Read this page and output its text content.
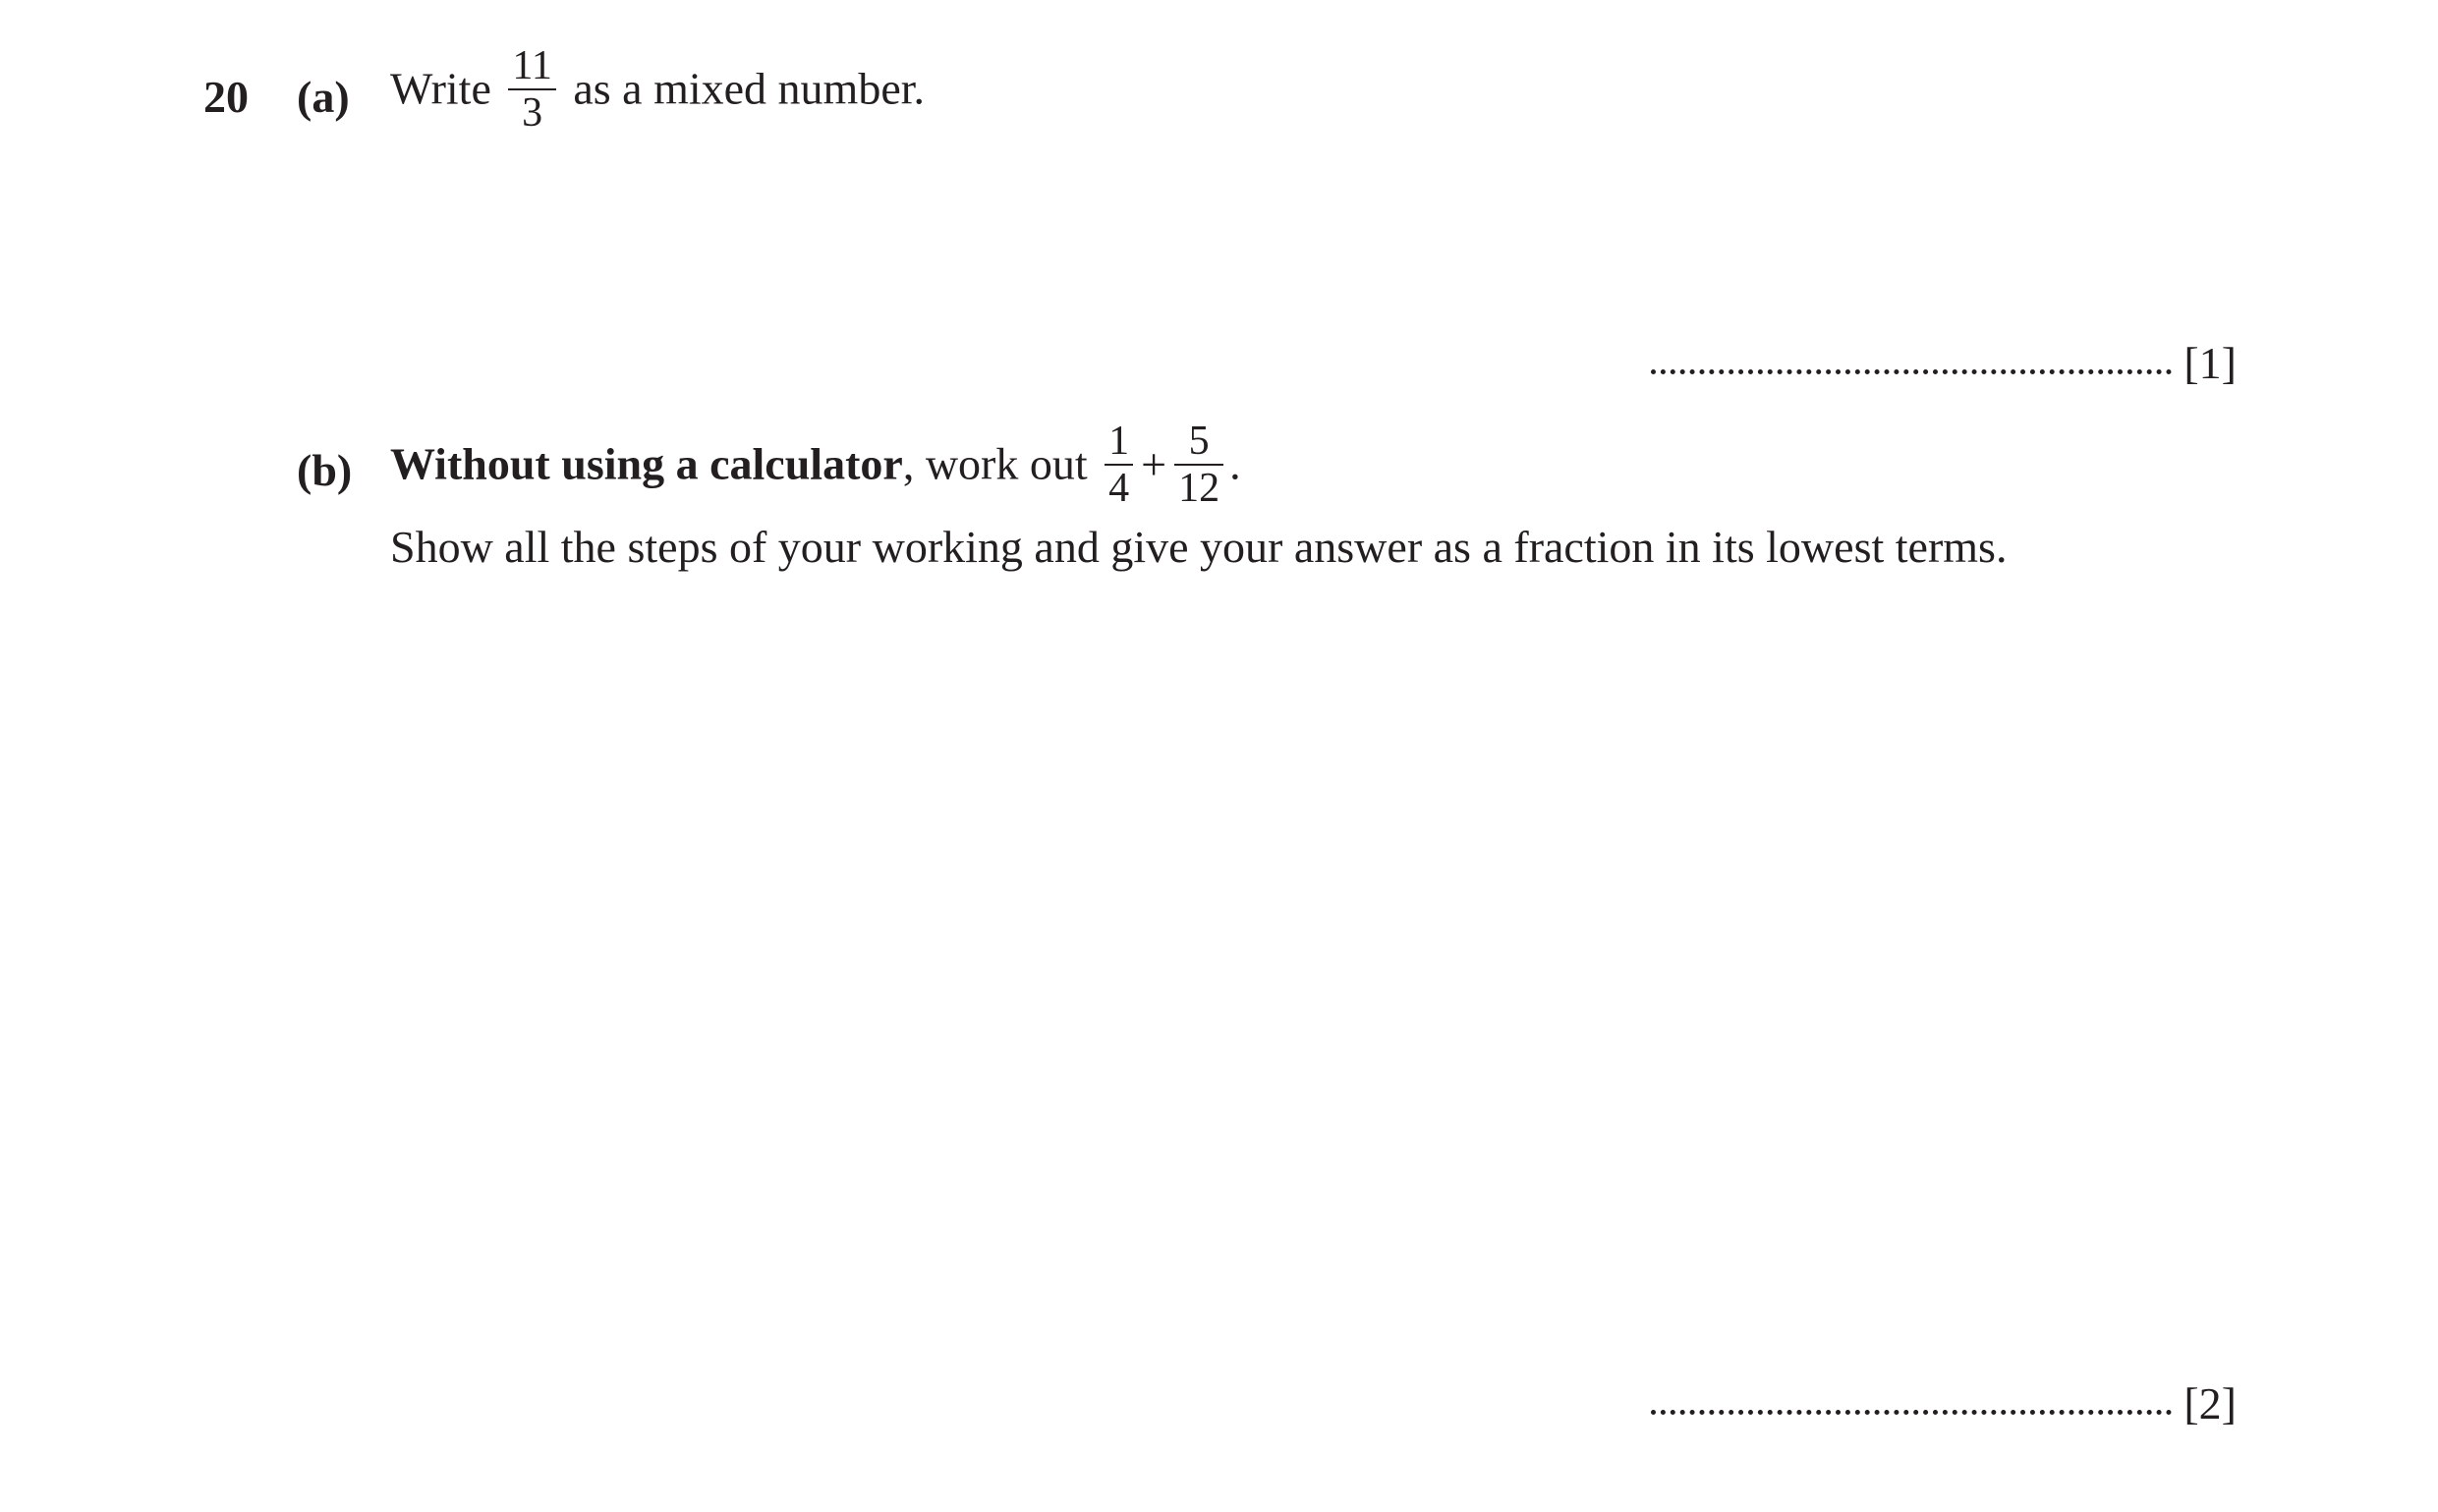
20 (a) Write $\frac{11}{3}$ as a mixed number.
[1]
(b) Without using a calculator, work out $\frac{1}{4} + \frac{5}{12}$ .
Show all the steps of your working and give your answer as a fraction in its lowest terms.
[2]
